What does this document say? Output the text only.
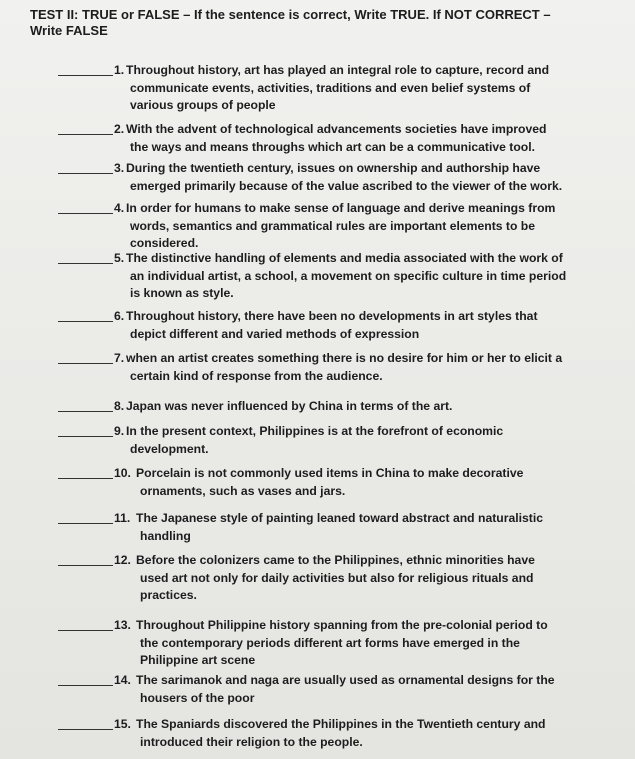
TEST II: TRUE or FALSE – If the sentence is correct, Write TRUE. If NOT CORRECT –
Write FALSE
1. Throughout history, art has played an integral role to capture, record and
communicate events, activities, traditions and even belief systems of
various groups of people
2. With the advent of technological advancements societies have improved
the ways and means throughs which art can be a communicative tool.
3. During the twentieth century, issues on ownership and authorship have
emerged primarily because of the value ascribed to the viewer of the work.
4. In order for humans to make sense of language and derive meanings from
words, semantics and grammatical rules are important elements to be
considered.
5. The distinctive handling of elements and media associated with the work of
an individual artist, a school, a movement on specific culture in time period
is known as style.
6. Throughout history, there have been no developments in art styles that
depict different and varied methods of expression
7. when an artist creates something there is no desire for him or her to elicit a
certain kind of response from the audience.
8. Japan was never influenced by China in terms of the art.
9. In the present context, Philippines is at the forefront of economic
development.
10. Porcelain is not commonly used items in China to make decorative
ornaments, such as vases and jars.
11. The Japanese style of painting leaned toward abstract and naturalistic
handling
12. Before the colonizers came to the Philippines, ethnic minorities have
used art not only for daily activities but also for religious rituals and
practices.
13. Throughout Philippine history spanning from the pre-colonial period to
the contemporary periods different art forms have emerged in the
Philippine art scene
14. The sarimanok and naga are usually used as ornamental designs for the
housers of the poor
15. The Spaniards discovered the Philippines in the Twentieth century and
introduced their religion to the people.
